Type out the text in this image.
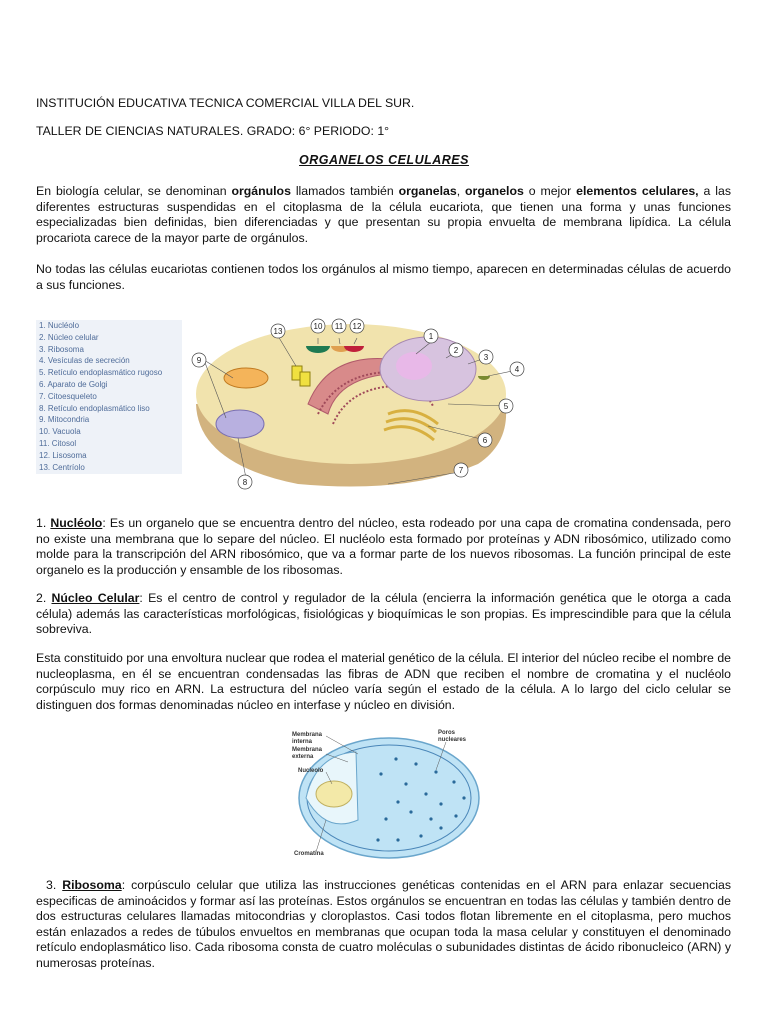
INSTITUCIÓN EDUCATIVA TECNICA COMERCIAL VILLA DEL SUR.
TALLER DE CIENCIAS NATURALES. GRADO: 6° PERIODO: 1°
ORGANELOS CELULARES
En biología celular, se denominan orgánulos llamados también organelas, organelos o mejor elementos celulares, a las diferentes estructuras suspendidas en el citoplasma de la célula eucariota, que tienen una forma y unas funciones especializadas bien definidas, bien diferenciadas y que presentan su propia envuelta de membrana lipídica. La célula procariota carece de la mayor parte de orgánulos.
No todas las células eucariotas contienen todos los orgánulos al mismo tiempo, aparecen en determinadas células de acuerdo a sus funciones.
1. Nucléolo
2. Núcleo celular
3. Ribosoma
4. Vesículas de secreción
5. Retículo endoplasmático rugoso
6. Aparato de Golgi
7. Citoesqueleto
8. Retículo endoplasmático liso
9. Mitocondria
10. Vacuola
11. Citosol
12. Lisosoma
13. Centríolo
1
2
3
4
5
6
7
8
9
10 11 12
13
1. Nucléolo: Es un organelo que se encuentra dentro del núcleo, esta rodeado por una capa de cromatina condensada, pero no existe una membrana que lo separe del núcleo. El nucléolo esta formado por proteínas y ADN ribosómico, utilizado como molde para la transcripción del ARN ribosómico, que va a formar parte de los nuevos ribosomas. La función principal de este organelo es la producción y ensamble de los ribosomas.
2. Núcleo Celular: Es el centro de control y regulador de la célula (encierra la información genética que le otorga a cada célula) además las características morfológicas, fisiológicas y bioquímicas le son propias. Es imprescindible para que la célula sobreviva.
Esta constituido por una envoltura nuclear que rodea el material genético de la célula. El interior del núcleo recibe el nombre de nucleoplasma, en él se encuentran condensadas las fibras de ADN que reciben el nombre de cromatina y el nucléolo corpúsculo muy rico en ARN. La estructura del núcleo varía según el estado de la célula. A lo largo del ciclo celular se distinguen dos formas denominadas núcleo en interfase y núcleo en división.
Membrana
interna
Membrana
externa
Nucleolo
Poros
nucleares
Cromatina
3. Ribosoma: corpúsculo celular que utiliza las instrucciones genéticas contenidas en el ARN para enlazar secuencias especificas de aminoácidos y formar así las proteínas. Estos orgánulos se encuentran en todas las células y también dentro de dos estructuras celulares llamadas mitocondrias y cloroplastos. Casi todos flotan libremente en el citoplasma, pero muchos están enlazados a redes de túbulos envueltos en membranas que ocupan toda la masa celular y constituyen el denominado retículo endoplasmático liso. Cada ribosoma consta de cuatro moléculas o subunidades distintas de ácido ribonucleico (ARN) y numerosas proteínas.
